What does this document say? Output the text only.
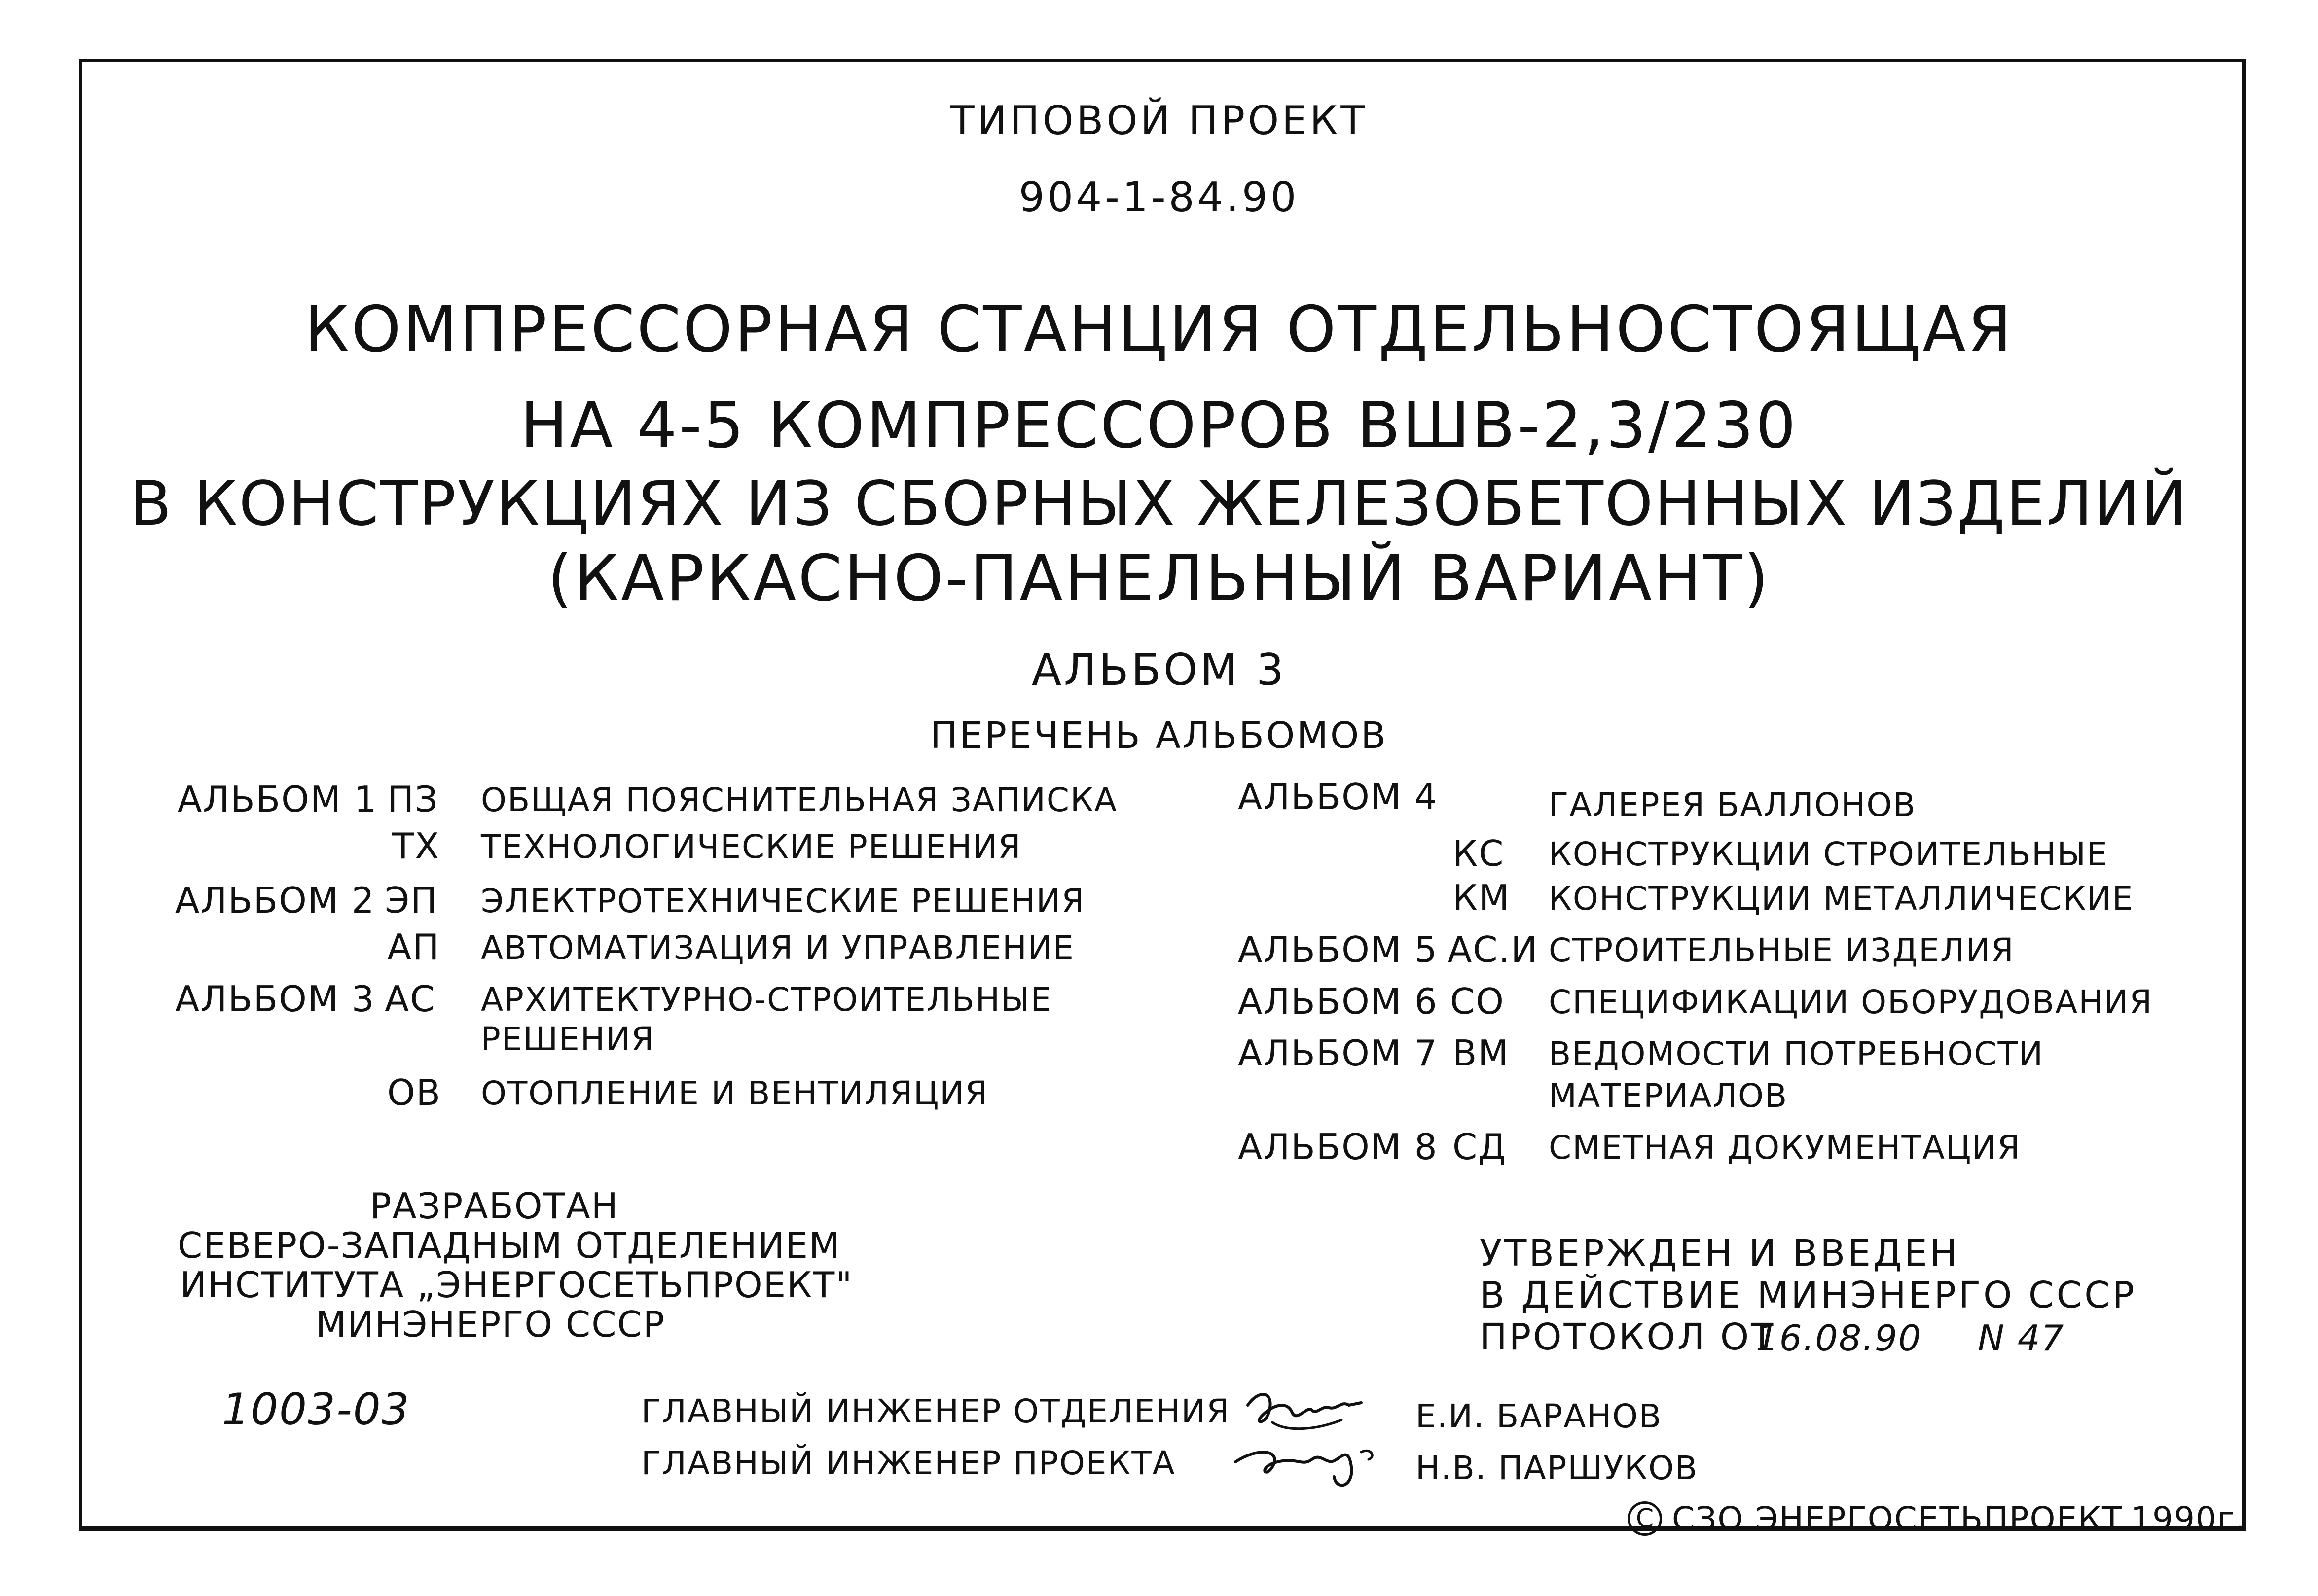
ТИПОВОЙ ПРОЕКТ
904-1-84.90
КОМПРЕССОРНАЯ СТАНЦИЯ ОТДЕЛЬНОСТОЯЩАЯ
НА 4-5 КОМПРЕССОРОВ ВШВ-2,3/230
В КОНСТРУКЦИЯХ ИЗ СБОРНЫХ ЖЕЛЕЗОБЕТОННЫХ ИЗДЕЛИЙ
(КАРКАСНО-ПАНЕЛЬНЫЙ ВАРИАНТ)
АЛЬБОМ 3
ПЕРЕЧЕНЬ АЛЬБОМОВ
АЛЬБОМ 1 ПЗ ОБЩАЯ ПОЯСНИТЕЛЬНАЯ ЗАПИСКА
ТХ ТЕХНОЛОГИЧЕСКИЕ РЕШЕНИЯ
АЛЬБОМ 2 ЭП ЭЛЕКТРОТЕХНИЧЕСКИЕ РЕШЕНИЯ
АП АВТОМАТИЗАЦИЯ И УПРАВЛЕНИЕ
АЛЬБОМ 3 АС АРХИТЕКТУРНО-СТРОИТЕЛЬНЫЕ
РЕШЕНИЯ
ОВ ОТОПЛЕНИЕ И ВЕНТИЛЯЦИЯ
АЛЬБОМ 4	ГАЛЕРЕЯ БАЛЛОНОВ
КС КОНСТРУКЦИИ СТРОИТЕЛЬНЫЕ
КМ КОНСТРУКЦИИ МЕТАЛЛИЧЕСКИЕ
АЛЬБОМ 5 АС.И СТРОИТЕЛЬНЫЕ ИЗДЕЛИЯ
АЛЬБОМ 6 СО СПЕЦИФИКАЦИИ ОБОРУДОВАНИЯ
АЛЬБОМ 7 ВМ ВЕДОМОСТИ ПОТРЕБНОСТИ
МАТЕРИАЛОВ
АЛЬБОМ 8 СД СМЕТНАЯ ДОКУМЕНТАЦИЯ
РАЗРАБОТАН
СЕВЕРО-ЗАПАДНЫМ ОТДЕЛЕНИЕМ
ИНСТИТУТА „ЭНЕРГОСЕТЬПРОЕКТ"
МИНЭНЕРГО СССР
УТВЕРЖДЕН И ВВЕДЕН
В ДЕЙСТВИЕ МИНЭНЕРГО СССР
ПРОТОКОЛ ОТ
16.08.90 N 47
1003-03	ГЛАВНЫЙ ИНЖЕНЕР ОТДЕЛЕНИЯ	Е.И. БАРАНОВ
ГЛАВНЫЙ ИНЖЕНЕР ПРОЕКТА	Н.В. ПАРШУКОВ
C СЗО ЭНЕРГОСЕТЬПРОЕКТ 1990г.
